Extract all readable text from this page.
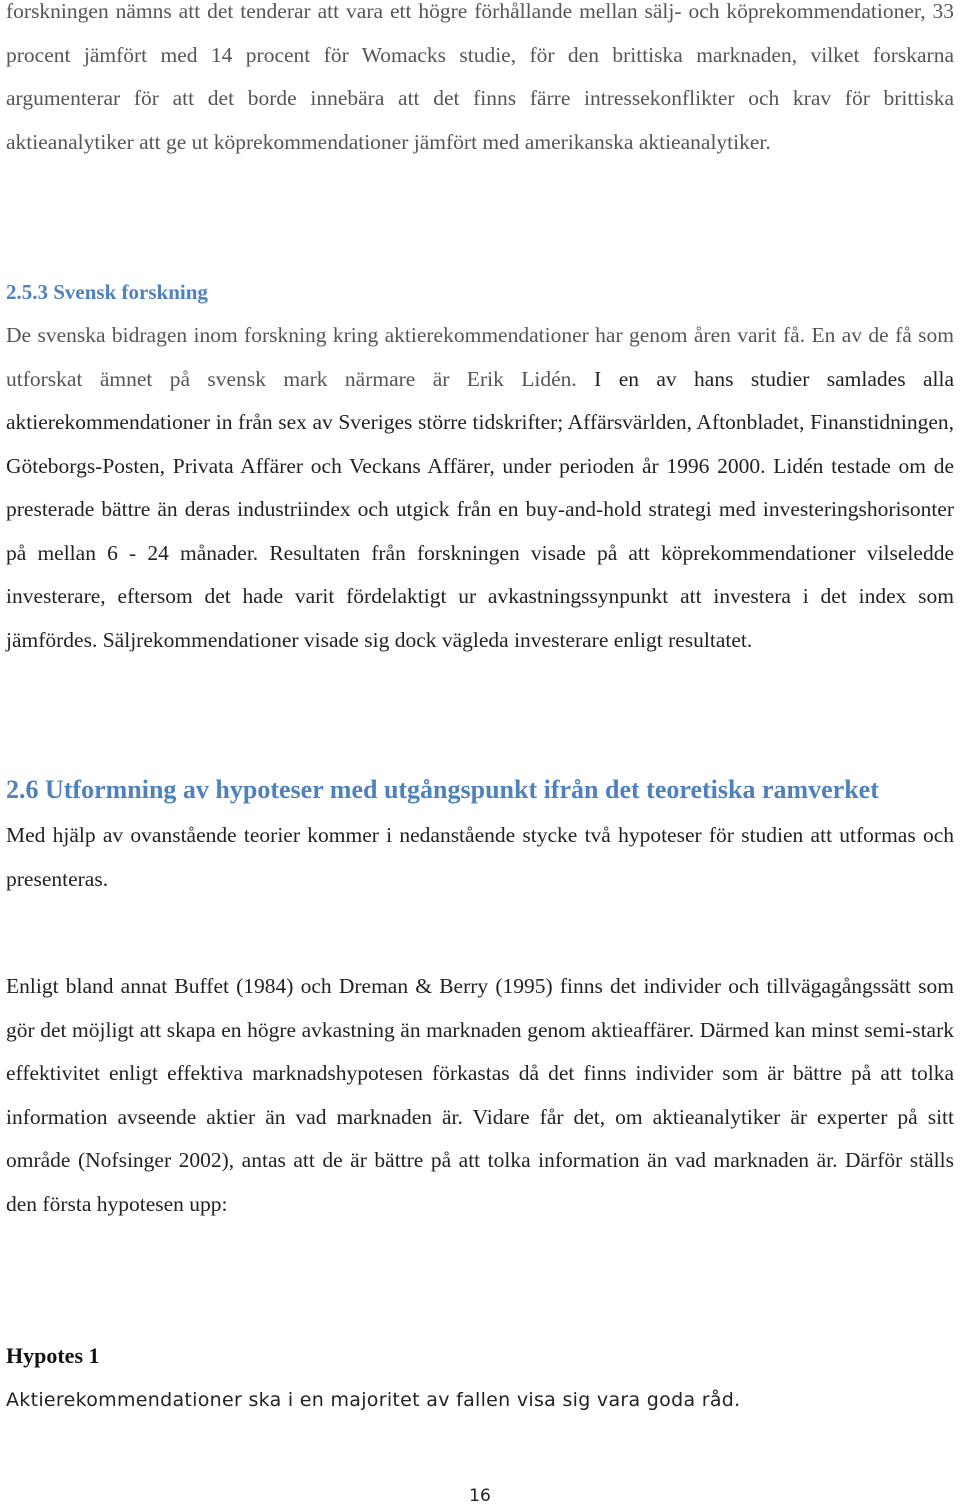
forskningen nämns att det tenderar att vara ett högre förhållande mellan sälj- och köprekommendationer, 33 procent jämfört med 14 procent för Womacks studie, för den brittiska marknaden, vilket forskarna argumenterar för att det borde innebära att det finns färre intressekonflikter och krav för brittiska aktieanalytiker att ge ut köprekommendationer jämfört med amerikanska aktieanalytiker.

2.5.3 Svensk forskning

De svenska bidragen inom forskning kring aktierekommendationer har genom åren varit få. En av de få som utforskat ämnet på svensk mark närmare är Erik Lidén. I en av hans studier samlades alla aktierekommendationer in från sex av Sveriges större tidskrifter; Affärsvärlden, Aftonbladet, Finanstidningen, Göteborgs-Posten, Privata Affärer och Veckans Affärer, under perioden år 1996 2000. Lidén testade om de presterade bättre än deras industriindex och utgick från en buy-and-hold strategi med investeringshorisonter på mellan 6 - 24 månader. Resultaten från forskningen visade på att köprekommendationer vilseledde investerare, eftersom det hade varit fördelaktigt ur avkastningssynpunkt att investera i det index som jämfördes. Säljrekommendationer visade sig dock vägleda investerare enligt resultatet.

2.6 Utformning av hypoteser med utgångspunkt ifrån det teoretiska ramverket

Med hjälp av ovanstående teorier kommer i nedanstående stycke två hypoteser för studien att utformas och presenteras.

Enligt bland annat Buffet (1984) och Dreman & Berry (1995) finns det individer och tillvägagångssätt som gör det möjligt att skapa en högre avkastning än marknaden genom aktieaffärer. Därmed kan minst semi-stark effektivitet enligt effektiva marknadshypotesen förkastas då det finns individer som är bättre på att tolka information avseende aktier än vad marknaden är. Vidare får det, om aktieanalytiker är experter på sitt område (Nofsinger 2002), antas att de är bättre på att tolka information än vad marknaden är. Därför ställs den första hypotesen upp:

Hypotes 1

Aktierekommendationer ska i en majoritet av fallen visa sig vara goda råd.

16
